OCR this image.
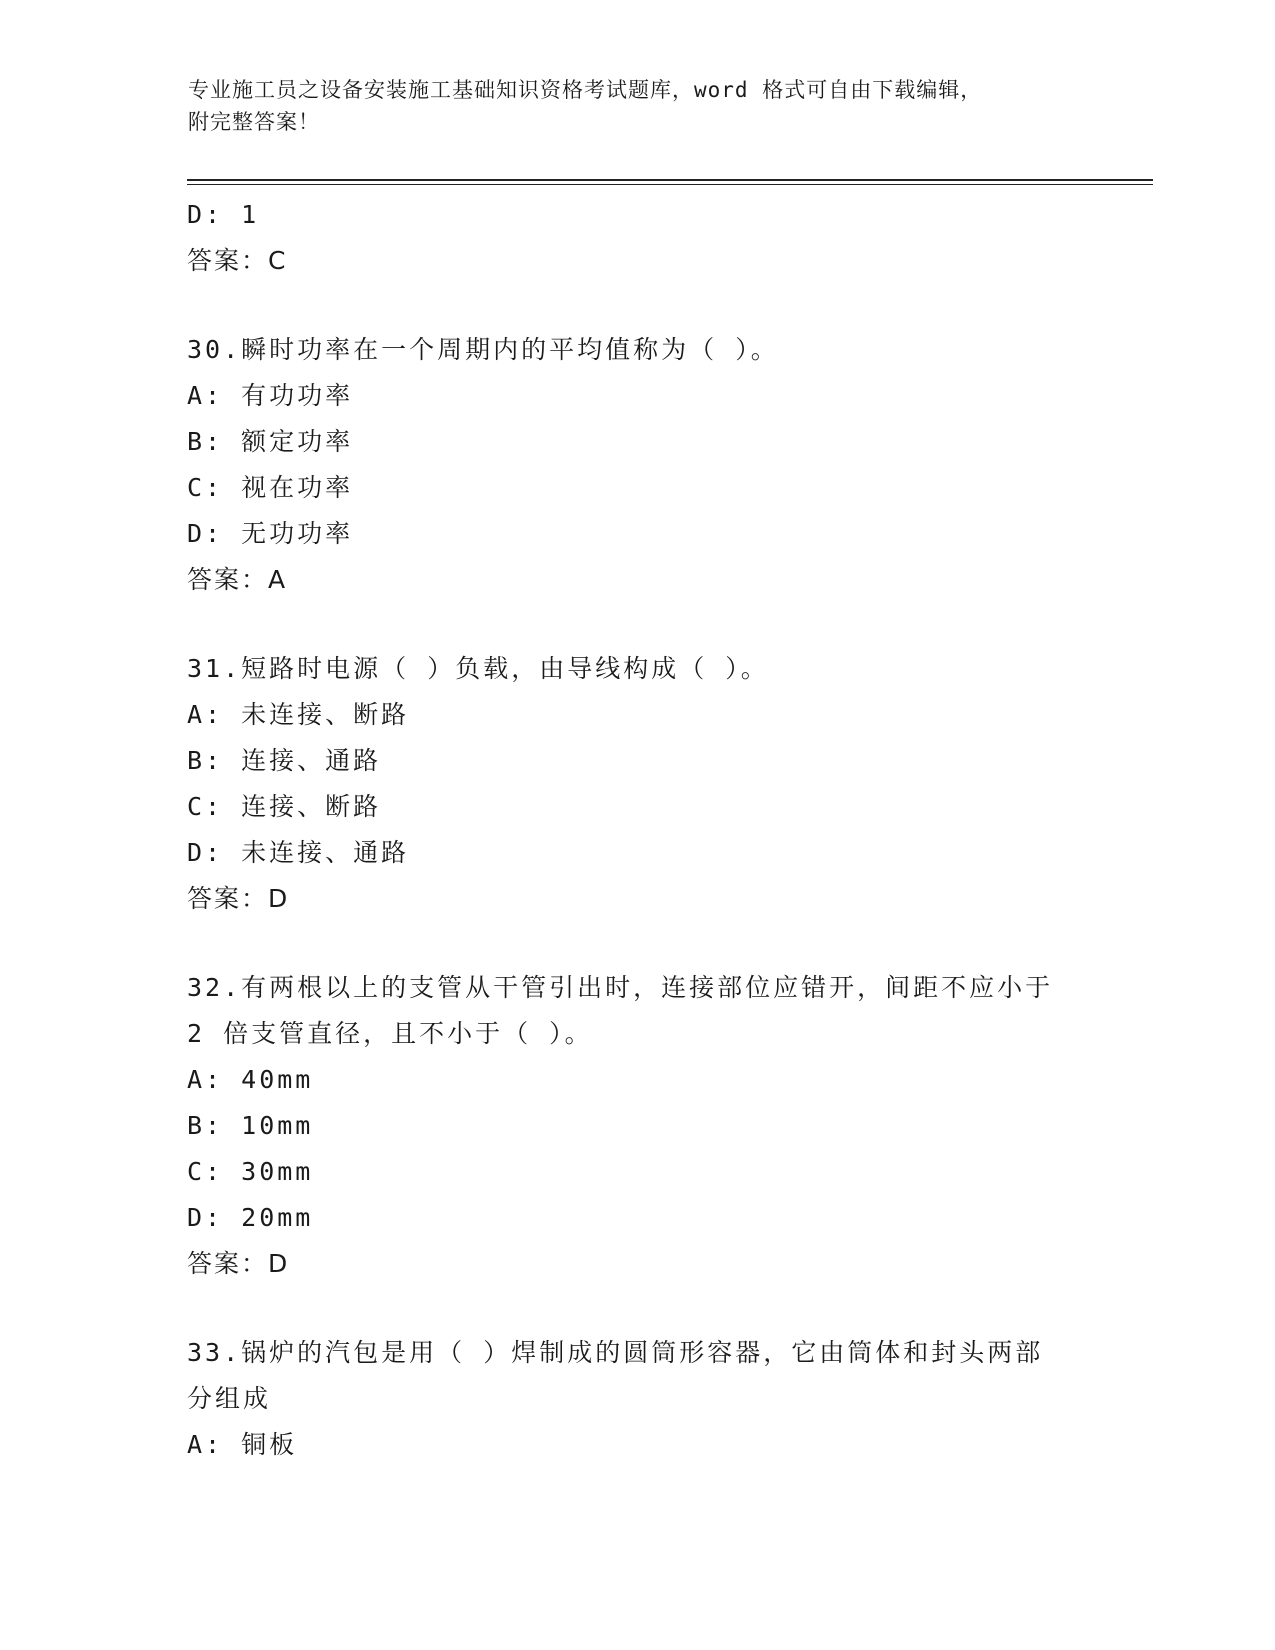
专业施工员之设备安装施工基础知识资格考试题库，word 格式可自由下载编辑，
附完整答案！
D: 1
答案：C
30.瞬时功率在一个周期内的平均值称为（ ）。
A: 有功功率
B: 额定功率
C: 视在功率
D: 无功功率
答案：A
31.短路时电源（ ）负载，由导线构成（ ）。
A: 未连接、断路
B: 连接、通路
C: 连接、断路
D: 未连接、通路
答案：D
32.有两根以上的支管从干管引出时，连接部位应错开，间距不应小于
2 倍支管直径，且不小于（ ）。
A: 40mm
B: 10mm
C: 30mm
D: 20mm
答案：D
33.锅炉的汽包是用（ ）焊制成的圆筒形容器，它由筒体和封头两部
分组成
A: 铜板
